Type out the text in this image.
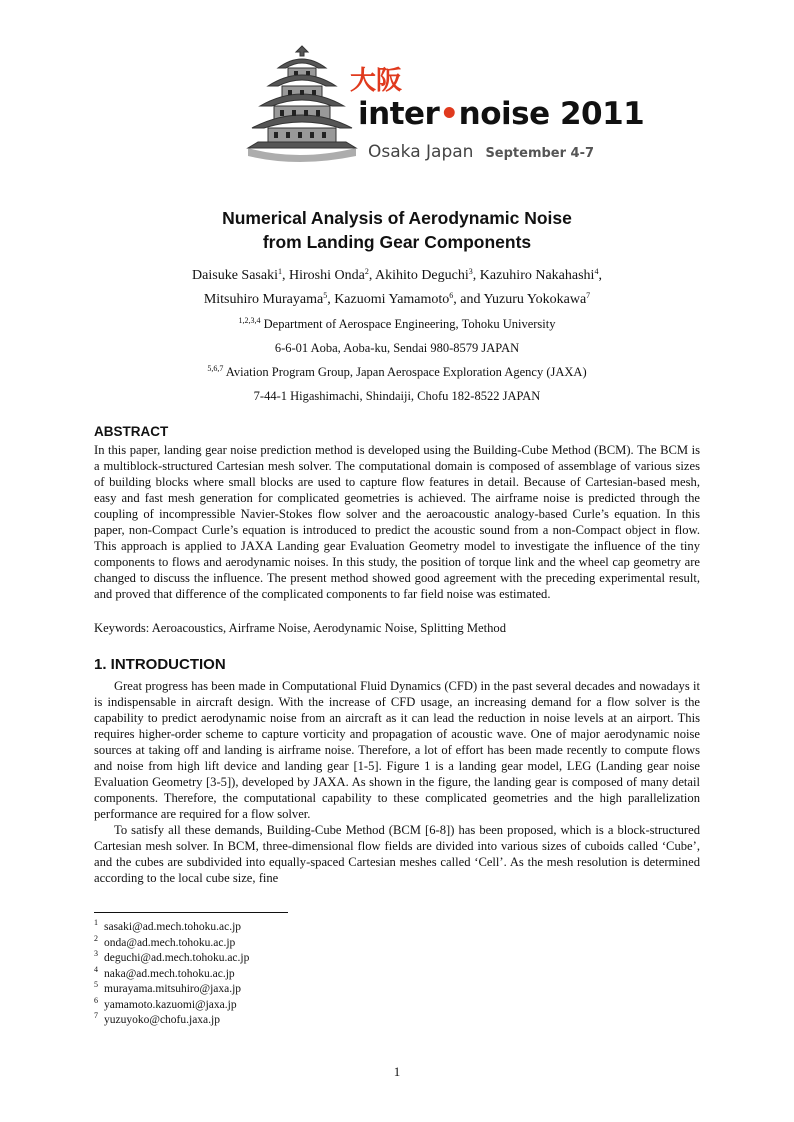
大阪
inter•noise 2011
Osaka Japan September 4-7
Numerical Analysis of Aerodynamic Noise
from Landing Gear Components
Daisuke Sasaki$^1$, Hiroshi Onda$^2$, Akihito Deguchi$^3$, Kazuhiro Nakahashi$^4$,
Mitsuhiro Murayama$^5$, Kazuomi Yamamoto$^6$, and Yuzuru Yokokawa$^7$
$^{1,2,3,4}$ Department of Aerospace Engineering, Tohoku University
6-6-01 Aoba, Aoba-ku, Sendai 980-8579 JAPAN
$^{5,6,7}$ Aviation Program Group, Japan Aerospace Exploration Agency (JAXA)
7-44-1 Higashimachi, Shindaiji, Chofu 182-8522 JAPAN
ABSTRACT

In this paper, landing gear noise prediction method is developed using the Building-Cube Method (BCM). The BCM is a multiblock-structured Cartesian mesh solver. The computational domain is composed of assemblage of various sizes of building blocks where small blocks are used to capture flow features in detail. Because of Cartesian-based mesh, easy and fast mesh generation for complicated geometries is achieved. The airframe noise is predicted through the coupling of incompressible Navier-Stokes flow solver and the aeroacoustic analogy-based Curle’s equation. In this paper, non-Compact Curle’s equation is introduced to predict the acoustic sound from a non-Compact object in flow. This approach is applied to JAXA Landing gear Evaluation Geometry model to investigate the influence of the tiny components to flows and aerodynamic noises. In this study, the position of torque link and the wheel cap geometry are changed to discuss the influence. The present method showed good agreement with the preceding experimental result, and proved that difference of the complicated components to far field noise was estimated.

Keywords: Aeroacoustics, Airframe Noise, Aerodynamic Noise, Splitting Method
1. INTRODUCTION

Great progress has been made in Computational Fluid Dynamics (CFD) in the past several decades and nowadays it is indispensable in aircraft design. With the increase of CFD usage, an increasing demand for a flow solver is the capability to predict aerodynamic noise from an aircraft as it can lead the reduction in noise levels at an airport. This requires higher-order scheme to capture vorticity and propagation of acoustic wave. One of major aerodynamic noise sources at taking off and landing is airframe noise. Therefore, a lot of effort has been made recently to compute flows and noise from high lift device and landing gear [1-5]. Figure 1 is a landing gear model, LEG (Landing gear noise Evaluation Geometry [3-5]), developed by JAXA. As shown in the figure, the landing gear is composed of many detail components. Therefore, the computational capability to these complicated geometries and the high parallelization performance are required for a flow solver.

To satisfy all these demands, Building-Cube Method (BCM [6-8]) has been proposed, which is a block-structured Cartesian mesh solver. In BCM, three-dimensional flow fields are divided into various sizes of cuboids called ‘Cube’, and the cubes are subdivided into equally-spaced Cartesian meshes called ‘Cell’. As the mesh resolution is determined according to the local cube size, fine

$^1$ sasaki@ad.mech.tohoku.ac.jp
$^2$ onda@ad.mech.tohoku.ac.jp
$^3$ deguchi@ad.mech.tohoku.ac.jp
$^4$ naka@ad.mech.tohoku.ac.jp
$^5$ murayama.mitsuhiro@jaxa.jp
$^6$ yamamoto.kazuomi@jaxa.jp
$^7$ yuzuyoko@chofu.jaxa.jp
1
